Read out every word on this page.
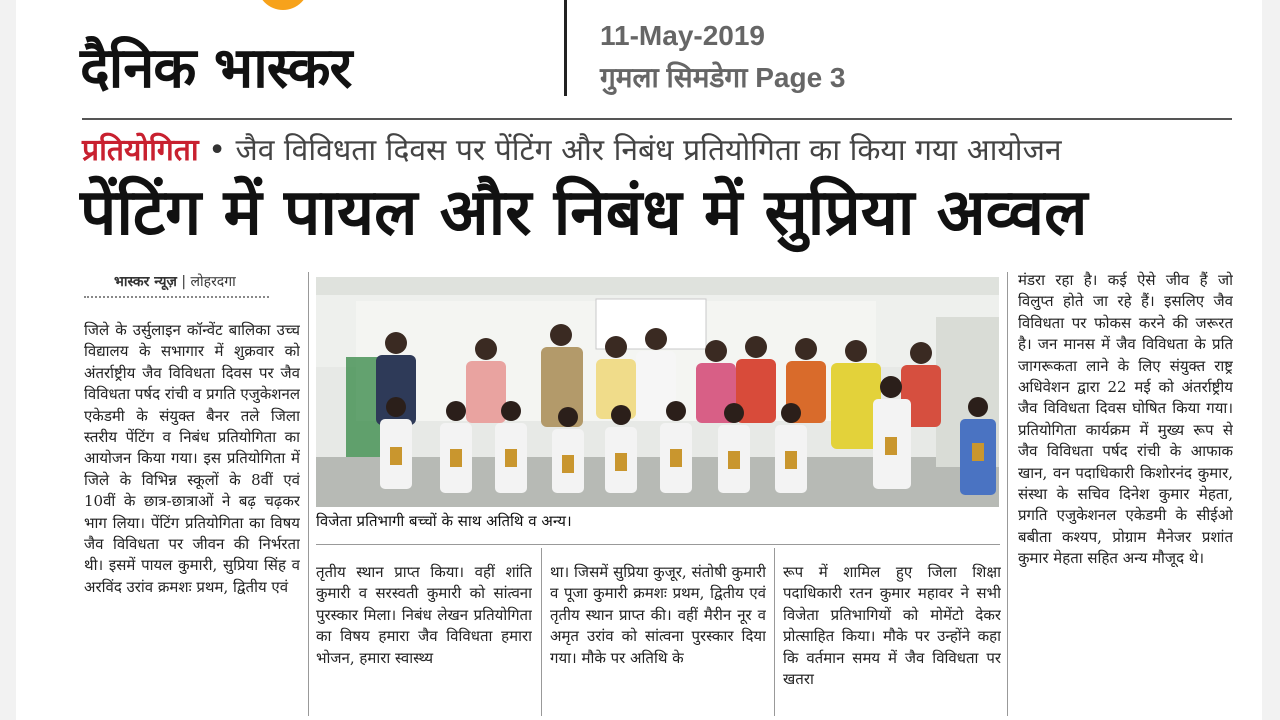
दैनिक भास्कर
11-May-2019
गुमला सिमडेगा Page 3
प्रतियोगिता • जैव विविधता दिवस पर पेंटिंग और निबंध प्रतियोगिता का किया गया आयोजन
पेंटिंग में पायल और निबंध में सुप्रिया अव्वल
भास्कर न्यूज़ | लोहरदगा
जिले के उर्सुलाइन कॉन्वेंट बालिका उच्च विद्यालय के सभागार में शुक्रवार को अंतर्राष्ट्रीय जैव विविधता दिवस पर जैव विविधता पर्षद रांची व प्रगति एजुकेशनल एकेडमी के संयुक्त बैनर तले जिला स्तरीय पेंटिंग व निबंध प्रतियोगिता का आयोजन किया गया। इस प्रतियोगिता में जिले के विभिन्न स्कूलों के 8वीं एवं 10वीं के छात्र-छात्राओं ने बढ़ चढ़कर भाग लिया। पेंटिंग प्रतियोगिता का विषय जैव विविधता पर जीवन की निर्भरता थी। इसमें पायल कुमारी, सुप्रिया सिंह व अरविंद उरांव क्रमशः प्रथम, द्वितीय एवं
विजेता प्रतिभागी बच्चों के साथ अतिथि व अन्य।
तृतीय स्थान प्राप्त किया। वहीं शांति कुमारी व सरस्वती कुमारी को सांत्वना पुरस्कार मिला। निबंध लेखन प्रतियोगिता का विषय हमारा जैव विविधता हमारा भोजन, हमारा स्वास्थ्य
था। जिसमें सुप्रिया कुजूर, संतोषी कुमारी व पूजा कुमारी क्रमशः प्रथम, द्वितीय एवं तृतीय स्थान प्राप्त की। वहीं मैरीन नूर व अमृत उरांव को सांत्वना पुरस्कार दिया गया। मौके पर अतिथि के
रूप में शामिल हुए जिला शिक्षा पदाधिकारी रतन कुमार महावर ने सभी विजेता प्रतिभागियों को मोमेंटो देकर प्रोत्साहित किया। मौके पर उन्होंने कहा कि वर्तमान समय में जैव विविधता पर खतरा
मंडरा रहा है। कई ऐसे जीव हैं जो विलुप्त होते जा रहे हैं। इसलिए जैव विविधता पर फोकस करने की जरूरत है। जन मानस में जैव विविधता के प्रति जागरूकता लाने के लिए संयुक्त राष्ट्र अधिवेशन द्वारा 22 मई को अंतर्राष्ट्रीय जैव विविधता दिवस घोषित किया गया। प्रतियोगिता कार्यक्रम में मुख्य रूप से जैव विविधता पर्षद रांची के आफाक खान, वन पदाधिकारी किशोरनंद कुमार, संस्था के सचिव दिनेश कुमार मेहता, प्रगति एजुकेशनल एकेडमी के सीईओ बबीता कश्यप, प्रोग्राम मैनेजर प्रशांत कुमार मेहता सहित अन्य मौजूद थे।
